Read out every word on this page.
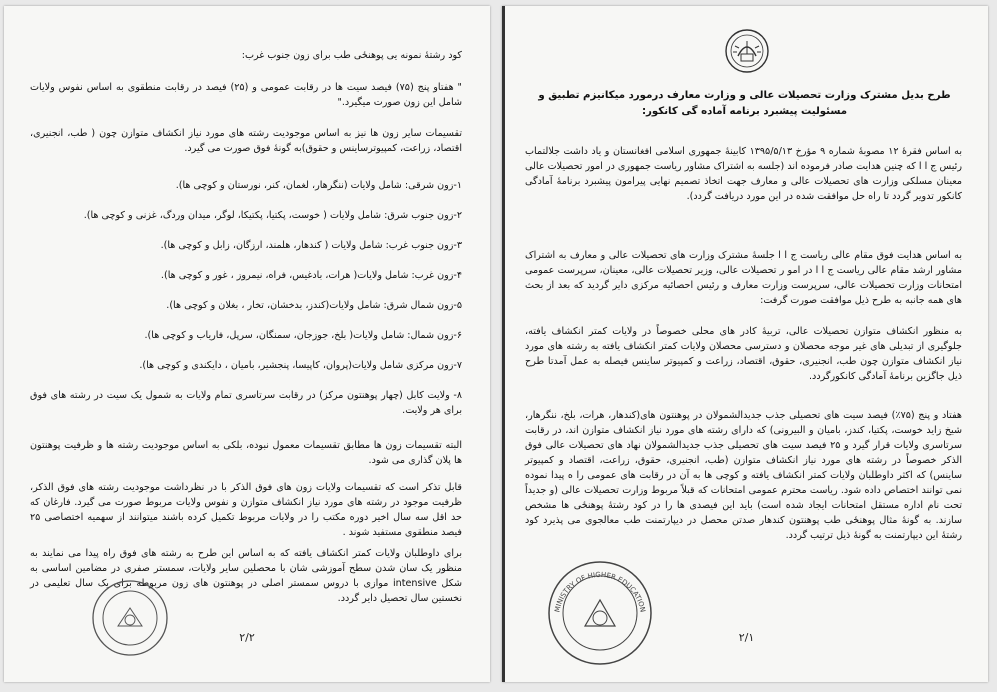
کود رشتهٔ نمونه یی پوهنځی طب برای زون جنوب غرب:

" هفتاو پنج (۷۵) فیصد سیت ها در رقابت عمومی و (۲۵) فیصد در رقابت منطقوی به اساس نفوس ولایات شامل این زون صورت میگیرد."

تقسیمات سایر زون ها نیز به اساس موجودیت رشته های مورد نیاز انکشاف متوازن چون ( طب، انجنیری، اقتصاد، زراعت، کمپیوترساینس و حقوق)به گونهٔ فوق صورت می گیرد.

۱-زون شرقی: شامل ولایات (ننگرهار، لغمان، کنر، نورستان و کوچی ها).

۲-زون جنوب شرق: شامل ولایات ( خوست، پکتیا، پکتیکا، لوگر، میدان وردگ، غزنی و کوچی ها).

۳-زون جنوب غرب: شامل ولایات ( کندهار، هلمند، ارزگان، زابل و کوچی ها).

۴-زون غرب: شامل ولایات( هرات، بادغیس، فراه، نیمروز ، غور و کوچی ها).

۵-زون شمال شرق: شامل ولایات(کندز، بدخشان، تخار ، بغلان و کوچی ها).

۶-زون شمال: شامل ولایات( بلخ، جوزجان، سمنگان، سرپل، فاریاب و کوچی ها).

۷-زون مرکزی شامل ولایات(پروان، کاپیسا، پنجشیر، بامیان ، دایکندی و کوچی ها).

۸- ولایت کابل (چهار پوهنتون مرکز) در رقابت سرتاسری تمام ولایات به شمول یک سیت در رشته های فوق برای هر ولایت.

البته تقسیمات زون ها مطابق تقسیمات معمول نبوده، بلکی به اساس موجودیت رشته ها و ظرفیت پوهنتون ها پلان گذاری می شود.

قابل تذکر است که تقسیمات ولایات زون های فوق الذکر با در نظرداشت موجودیت رشته های فوق الذکر، ظرفیت موجود در رشته های مورد نیاز انکشاف متوازن و نفوس ولایات مربوط صورت می گیرد. فارغان که حد اقل سه سال اخیر دوره مکتب را در ولایات مربوط تکمیل کرده باشند میتوانند از سهمیه اختصاصی ۲۵ فیصد منطقوی مستفید شوند .

برای داوطلبان ولایات کمتر انکشاف یافته که به اساس این طرح به رشته های فوق راه پیدا می نمایند به منظور یک سان شدن سطح آموزشی شان با محصلین سایر ولایات، سمستر صفری در مضامین اساسی به شکل intensive موازی با دروس سمستر اصلی در پوهنتون های زون مربوطه برای یک سال تعلیمی در نخستین سال تحصیل دایر گردد.

۲/۲

طرح بدیل مشترک وزارت تحصیلات عالی و وزارت معارف درمورد میکانیزم تطبیق و مسئولیت پیشبرد برنامه آماده گی کانکور:

به اساس فقرهٔ ۱۲ مصوبهٔ شماره ۹ مؤرخ ۱۳۹۵/۵/۱۳ کابینهٔ جمهوری اسلامی افغانستان و یاد داشت جلالتماب رئیس ج ا ا که چنین هدایت صادر فرموده اند (جلسه به اشتراک مشاور ریاست جمهوری در امور تحصیلات عالی معینان مسلکی وزارت های تحصیلات عالی و معارف جهت اتخاذ تصمیم نهایی پیرامون پیشبرد برنامهٔ آمادگی کانکور تدویر گردد تا راه حل موافقت شده در این مورد دریافت گردد).

به اساس هدایت فوق مقام عالی ریاست ج ا ا جلسهٔ مشترک وزارت های تحصیلات عالی و معارف به اشتراک مشاور ارشد مقام عالی ریاست ج ا ا در امو ر تحصیلات عالی، وزیر تحصیلات عالی، معینان، سرپرست عمومی امتحانات وزارت تحصیلات عالی، سرپرست وزارت معارف و رئیس احصائیه مرکزی دایر گردید که بعد از بحث های همه جانبه به طرح ذیل موافقت صورت گرفت:

به منظور انکشاف متوازن تحصیلات عالی، تربیهٔ کادر های محلی خصوصاً در ولایات کمتر انکشاف یافته، جلوگیری از تبدیلی های غیر موجه محصلان و دسترسی محصلان ولایات کمتر انکشاف یافته به رشته های مورد نیاز انکشاف متوازن چون طب، انجنیری، حقوق، اقتصاد، زراعت و کمپیوتر ساینس فیصله به عمل آمدتا طرح ذیل جاگزین برنامهٔ آمادگی کانکورگردد.

هفتاد و پنج (۷۵٪) فیصد سیت های تحصیلی جذب جدیدالشمولان در پوهنتون های(کندهار، هرات، بلخ، ننگرهار، شیخ زاید خوست، پکتیا، کندز، بامیان و البیرونی) که دارای رشته های مورد نیاز انکشاف متوازن اند، در رقابت سرتاسری ولایات قرار گیرد و ۲۵ فیصد سیت های تحصیلی جذب جدیدالشمولان نهاد های تحصیلات عالی فوق الذکر خصوصاً در رشته های مورد نیاز انکشاف متوازن (طب، انجنیری، حقوق، زراعت، اقتصاد و کمپیوتر ساینس) که اکثر داوطلبان ولایات کمتر انکشاف یافته و کوچی ها به آن در رقابت های عمومی را ه پیدا نموده نمی توانند اختصاص داده شود. ریاست محترم عمومی امتحانات که قبلاً مربوط وزارت تحصیلات عالی (و جدیداً تحت نام اداره مستقل امتحانات ایجاد شده است) باید این فیصدی ها را در کود رشتهٔ پوهنځی ها مشخص سازند. به گونهٔ مثال پوهنځی طب پوهنتون کندهار صدتن محصل در دیپارتمنت طب معالجوی می پذیرد کود رشتهٔ این دیپارتمنت به گونهٔ ذیل ترتیب گردد.

۲/۱
MINISTRY OF HIGHER EDUCATION
